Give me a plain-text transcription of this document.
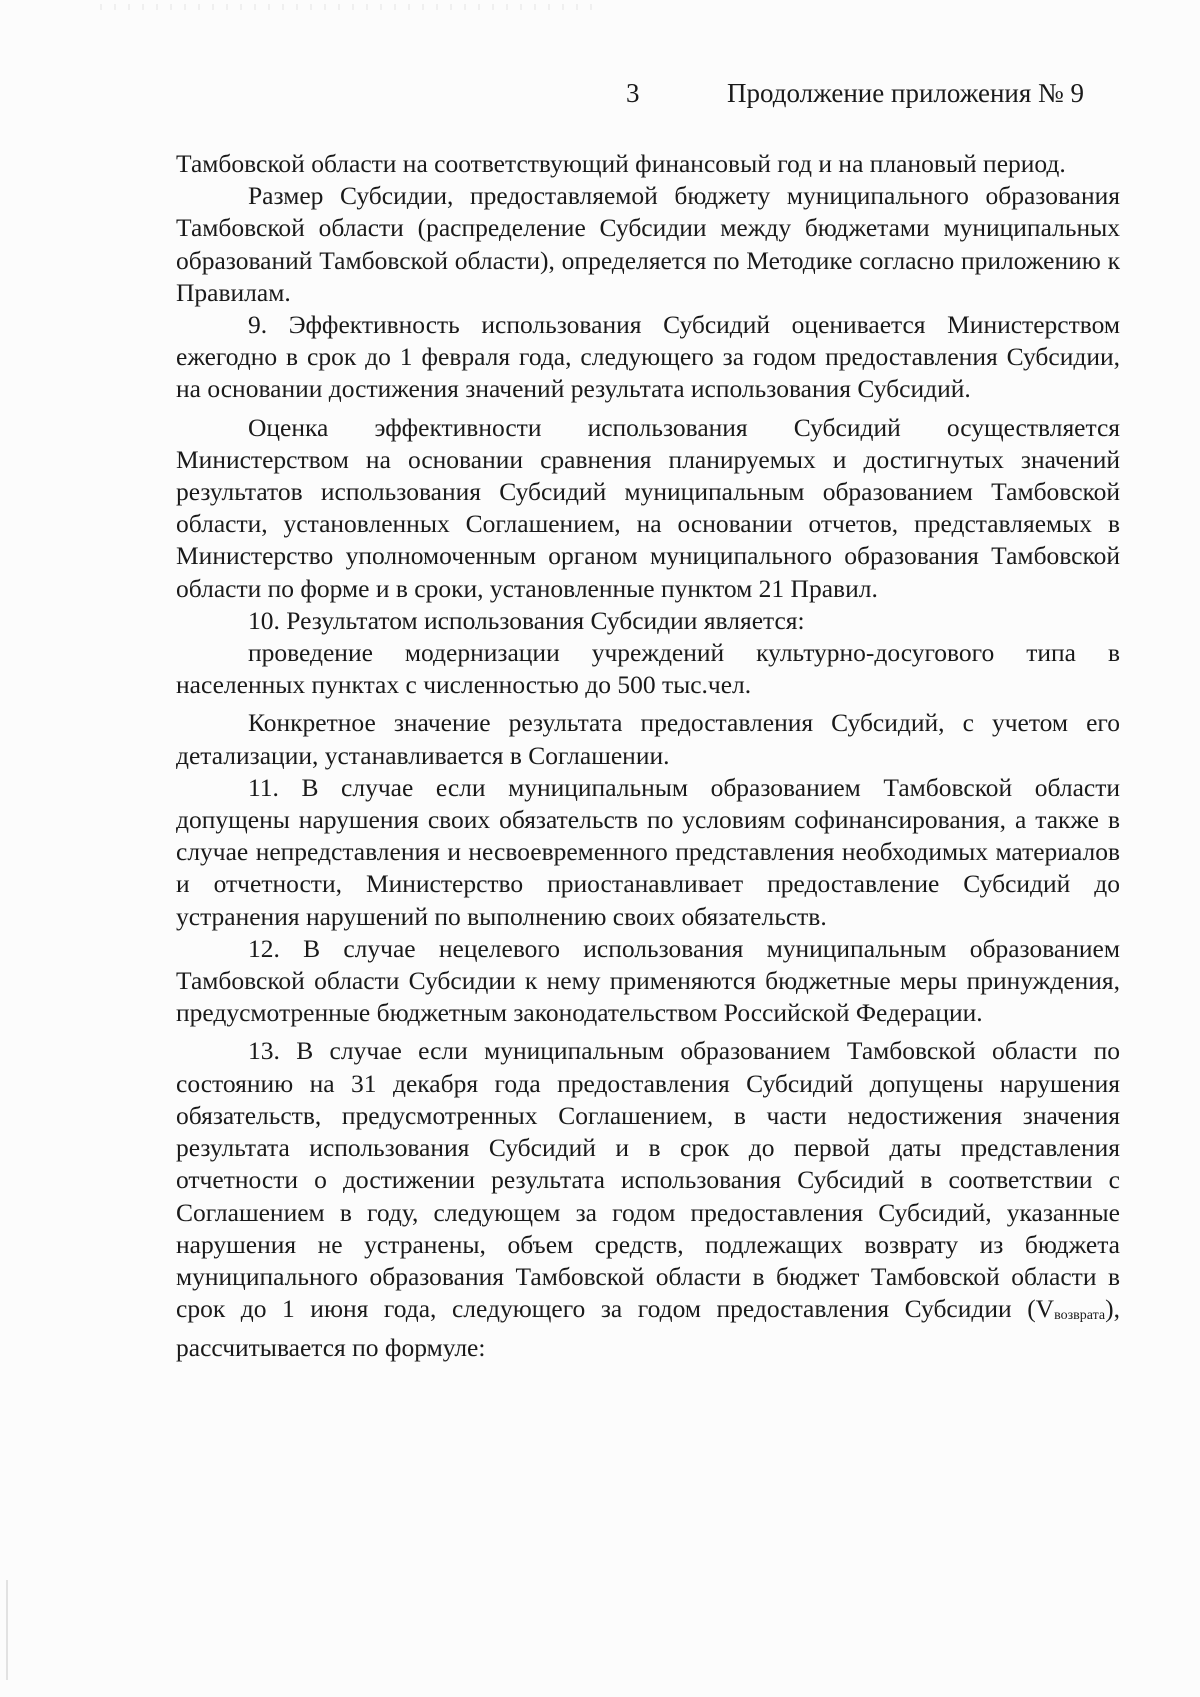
3	Продолжение приложения № 9

Тамбовской области на соответствующий финансовый год и на плановый период.

Размер Субсидии, предоставляемой бюджету муниципального образования Тамбовской области (распределение Субсидии между бюджетами муниципальных образований Тамбовской области), определяется по Методике согласно приложению к Правилам.

9. Эффективность использования Субсидий оценивается Министерством ежегодно в срок до 1 февраля года, следующего за годом предоставления Субсидии, на основании достижения значений результата использования Субсидий.

Оценка эффективности использования Субсидий осуществляется Министерством на основании сравнения планируемых и достигнутых значений результатов использования Субсидий муниципальным образованием Тамбовской области, установленных Соглашением, на основании отчетов, представляемых в Министерство уполномоченным органом муниципального образования Тамбовской области по форме и в сроки, установленные пунктом 21 Правил.

10. Результатом использования Субсидии является:

проведение модернизации учреждений культурно-досугового типа в населенных пунктах с численностью до 500 тыс.чел.

Конкретное значение результата предоставления Субсидий, с учетом его детализации, устанавливается в Соглашении.

11. В случае если муниципальным образованием Тамбовской области допущены нарушения своих обязательств по условиям софинансирования, а также в случае непредставления и несвоевременного представления необходимых материалов и отчетности, Министерство приостанавливает предоставление Субсидий до устранения нарушений по выполнению своих обязательств.

12. В случае нецелевого использования муниципальным образованием Тамбовской области Субсидии к нему применяются бюджетные меры принуждения, предусмотренные бюджетным законодательством Российской Федерации.

13. В случае если муниципальным образованием Тамбовской области по состоянию на 31 декабря года предоставления Субсидий допущены нарушения обязательств, предусмотренных Соглашением, в части недостижения значения результата использования Субсидий и в срок до первой даты представления отчетности о достижении результата использования Субсидий в соответствии с Соглашением в году, следующем за годом предоставления Субсидий, указанные нарушения не устранены, объем средств, подлежащих возврату из бюджета муниципального образования Тамбовской области в бюджет Тамбовской области в срок до 1 июня года, следующего за годом предоставления Субсидии $(V_{возврата})$, рассчитывается по формуле:
